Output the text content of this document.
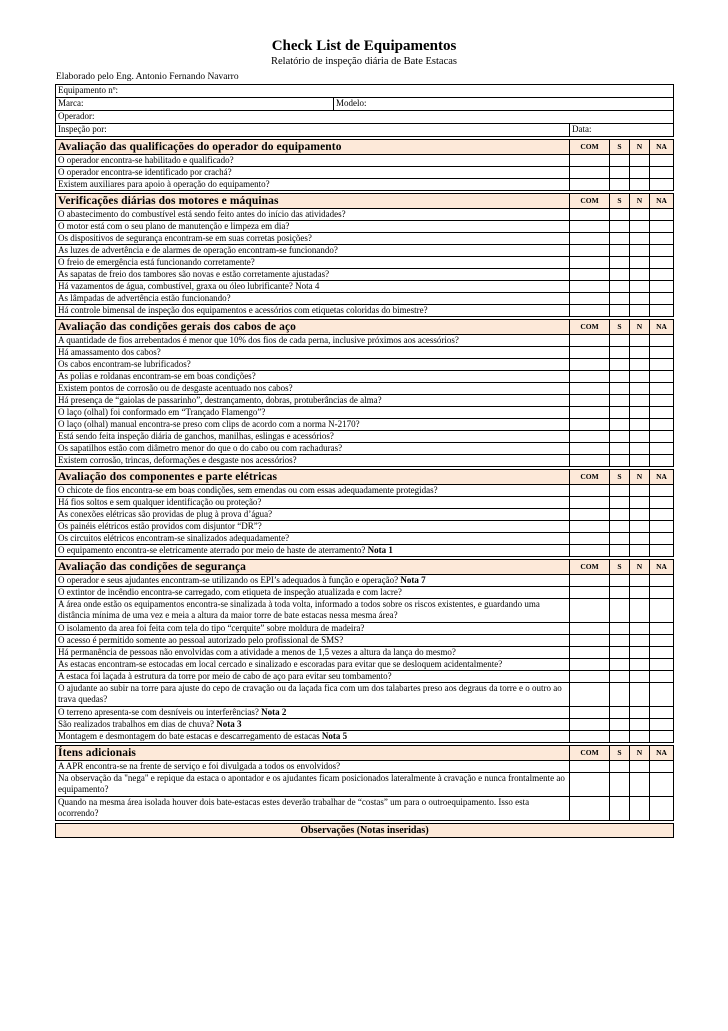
Check List de Equipamentos
Relatório de inspeção diária de Bate Estacas
Elaborado pelo Eng. Antonio Fernando Navarro
Equipamento nº:		
Marca:	Modelo:	
Operador:		
Inspeção por:		Data:

Avaliação das qualificações do operador do equipamento	COM	S	N	NA
O operador encontra-se habilitado e qualificado?				
O operador encontra-se identificado por crachá?				
Existem auxiliares para apoio à operação do equipamento?				

Verificações diárias dos motores e máquinas	COM	S	N	NA
O abastecimento do combustível está sendo feito antes do início das atividades?				
O motor está com o seu plano de manutenção e limpeza em dia?				
Os dispositivos de segurança encontram-se em suas corretas posições?				
As luzes de advertência e de alarmes de operação encontram-se funcionando?				
O freio de emergência está funcionando corretamente?				
As sapatas de freio dos tambores são novas e estão corretamente ajustadas?				
Há vazamentos de água, combustível, graxa ou óleo lubrificante? Nota 4				
As lâmpadas de advertência estão funcionando?				
Há controle bimensal de inspeção dos equipamentos e acessórios com etiquetas coloridas do bimestre?				

Avaliação das condições gerais dos cabos de aço	COM	S	N	NA
A quantidade de fios arrebentados é menor que 10% dos fios de cada perna, inclusive próximos aos acessórios?				
Há amassamento dos cabos?				
Os cabos encontram-se lubrificados?				
As polias e roldanas encontram-se em boas condições?				
Existem pontos de corrosão ou de desgaste acentuado nos cabos?				
Há presença de “gaiolas de passarinho”, destrançamento, dobras, protuberâncias de alma?				
O laço (olhal) foi conformado em “Trançado Flamengo”?				
O laço (olhal) manual encontra-se preso com clips de acordo com a norma N-2170?				
Está sendo feita inspeção diária de ganchos, manilhas, eslingas e acessórios?				
Os sapatilhos estão com diâmetro menor do que o do cabo ou com rachaduras?				
Existem corrosão, trincas, deformações e desgaste nos acessórios?				

Avaliação dos componentes e parte elétricas	COM	S	N	NA
O chicote de fios encontra-se em boas condições, sem emendas ou com essas adequadamente protegidas?				
Há fios soltos e sem qualquer identificação ou proteção?				
As conexões elétricas são providas de plug à prova d’água?				
Os painéis elétricos estão providos com disjuntor “DR”?				
Os circuitos elétricos encontram-se sinalizados adequadamente?				
O equipamento encontra-se eletricamente aterrado por meio de haste de aterramento? Nota 1				

Avaliação das condições de segurança	COM	S	N	NA
O operador e seus ajudantes encontram-se utilizando os EPI’s adequados à função e operação? Nota 7				
O extintor de incêndio encontra-se carregado, com etiqueta de inspeção atualizada e com lacre?				
A área onde estão os equipamentos encontra-se sinalizada à toda volta, informado a todos sobre os riscos existentes, e guardando uma distância mínima de uma vez e meia a altura da maior torre de bate estacas nessa mesma área?				
O isolamento da area foi feita com tela do tipo “cerquite” sobre moldura de madeira?				
O acesso é permitido somente ao pessoal autorizado pelo profissional de SMS?				
Há permanência de pessoas não envolvidas com a atividade a menos de 1,5 vezes a altura da lança do mesmo?				
As estacas encontram-se estocadas em local cercado e sinalizado e escoradas para evitar que se desloquem acidentalmente?				
A estaca foi laçada à estrutura da torre por meio de cabo de aço para evitar seu tombamento?				
O ajudante ao subir na torre para ajuste do cepo de cravação ou da laçada fica com um dos talabartes preso aos degraus da torre e o outro ao trava quedas?				
O terreno apresenta-se com desníveis ou interferências? Nota 2				
São realizados trabalhos em dias de chuva? Nota 3				
Montagem e desmontagem do bate estacas e descarregamento de estacas Nota 5				

Ítens adicionais	COM	S	N	NA
A APR encontra-se na frente de serviço e foi divulgada a todos os envolvidos?				
Na observação da "nega" e repique da estaca o apontador e os ajudantes ficam posicionados lateralmente à cravação e nunca frontalmente ao equipamento?				
Quando na mesma área isolada houver dois bate-estacas estes deverão trabalhar de “costas” um para o outroequipamento. Isso esta ocorrendo?				

Observações (Notas inseridas)				
